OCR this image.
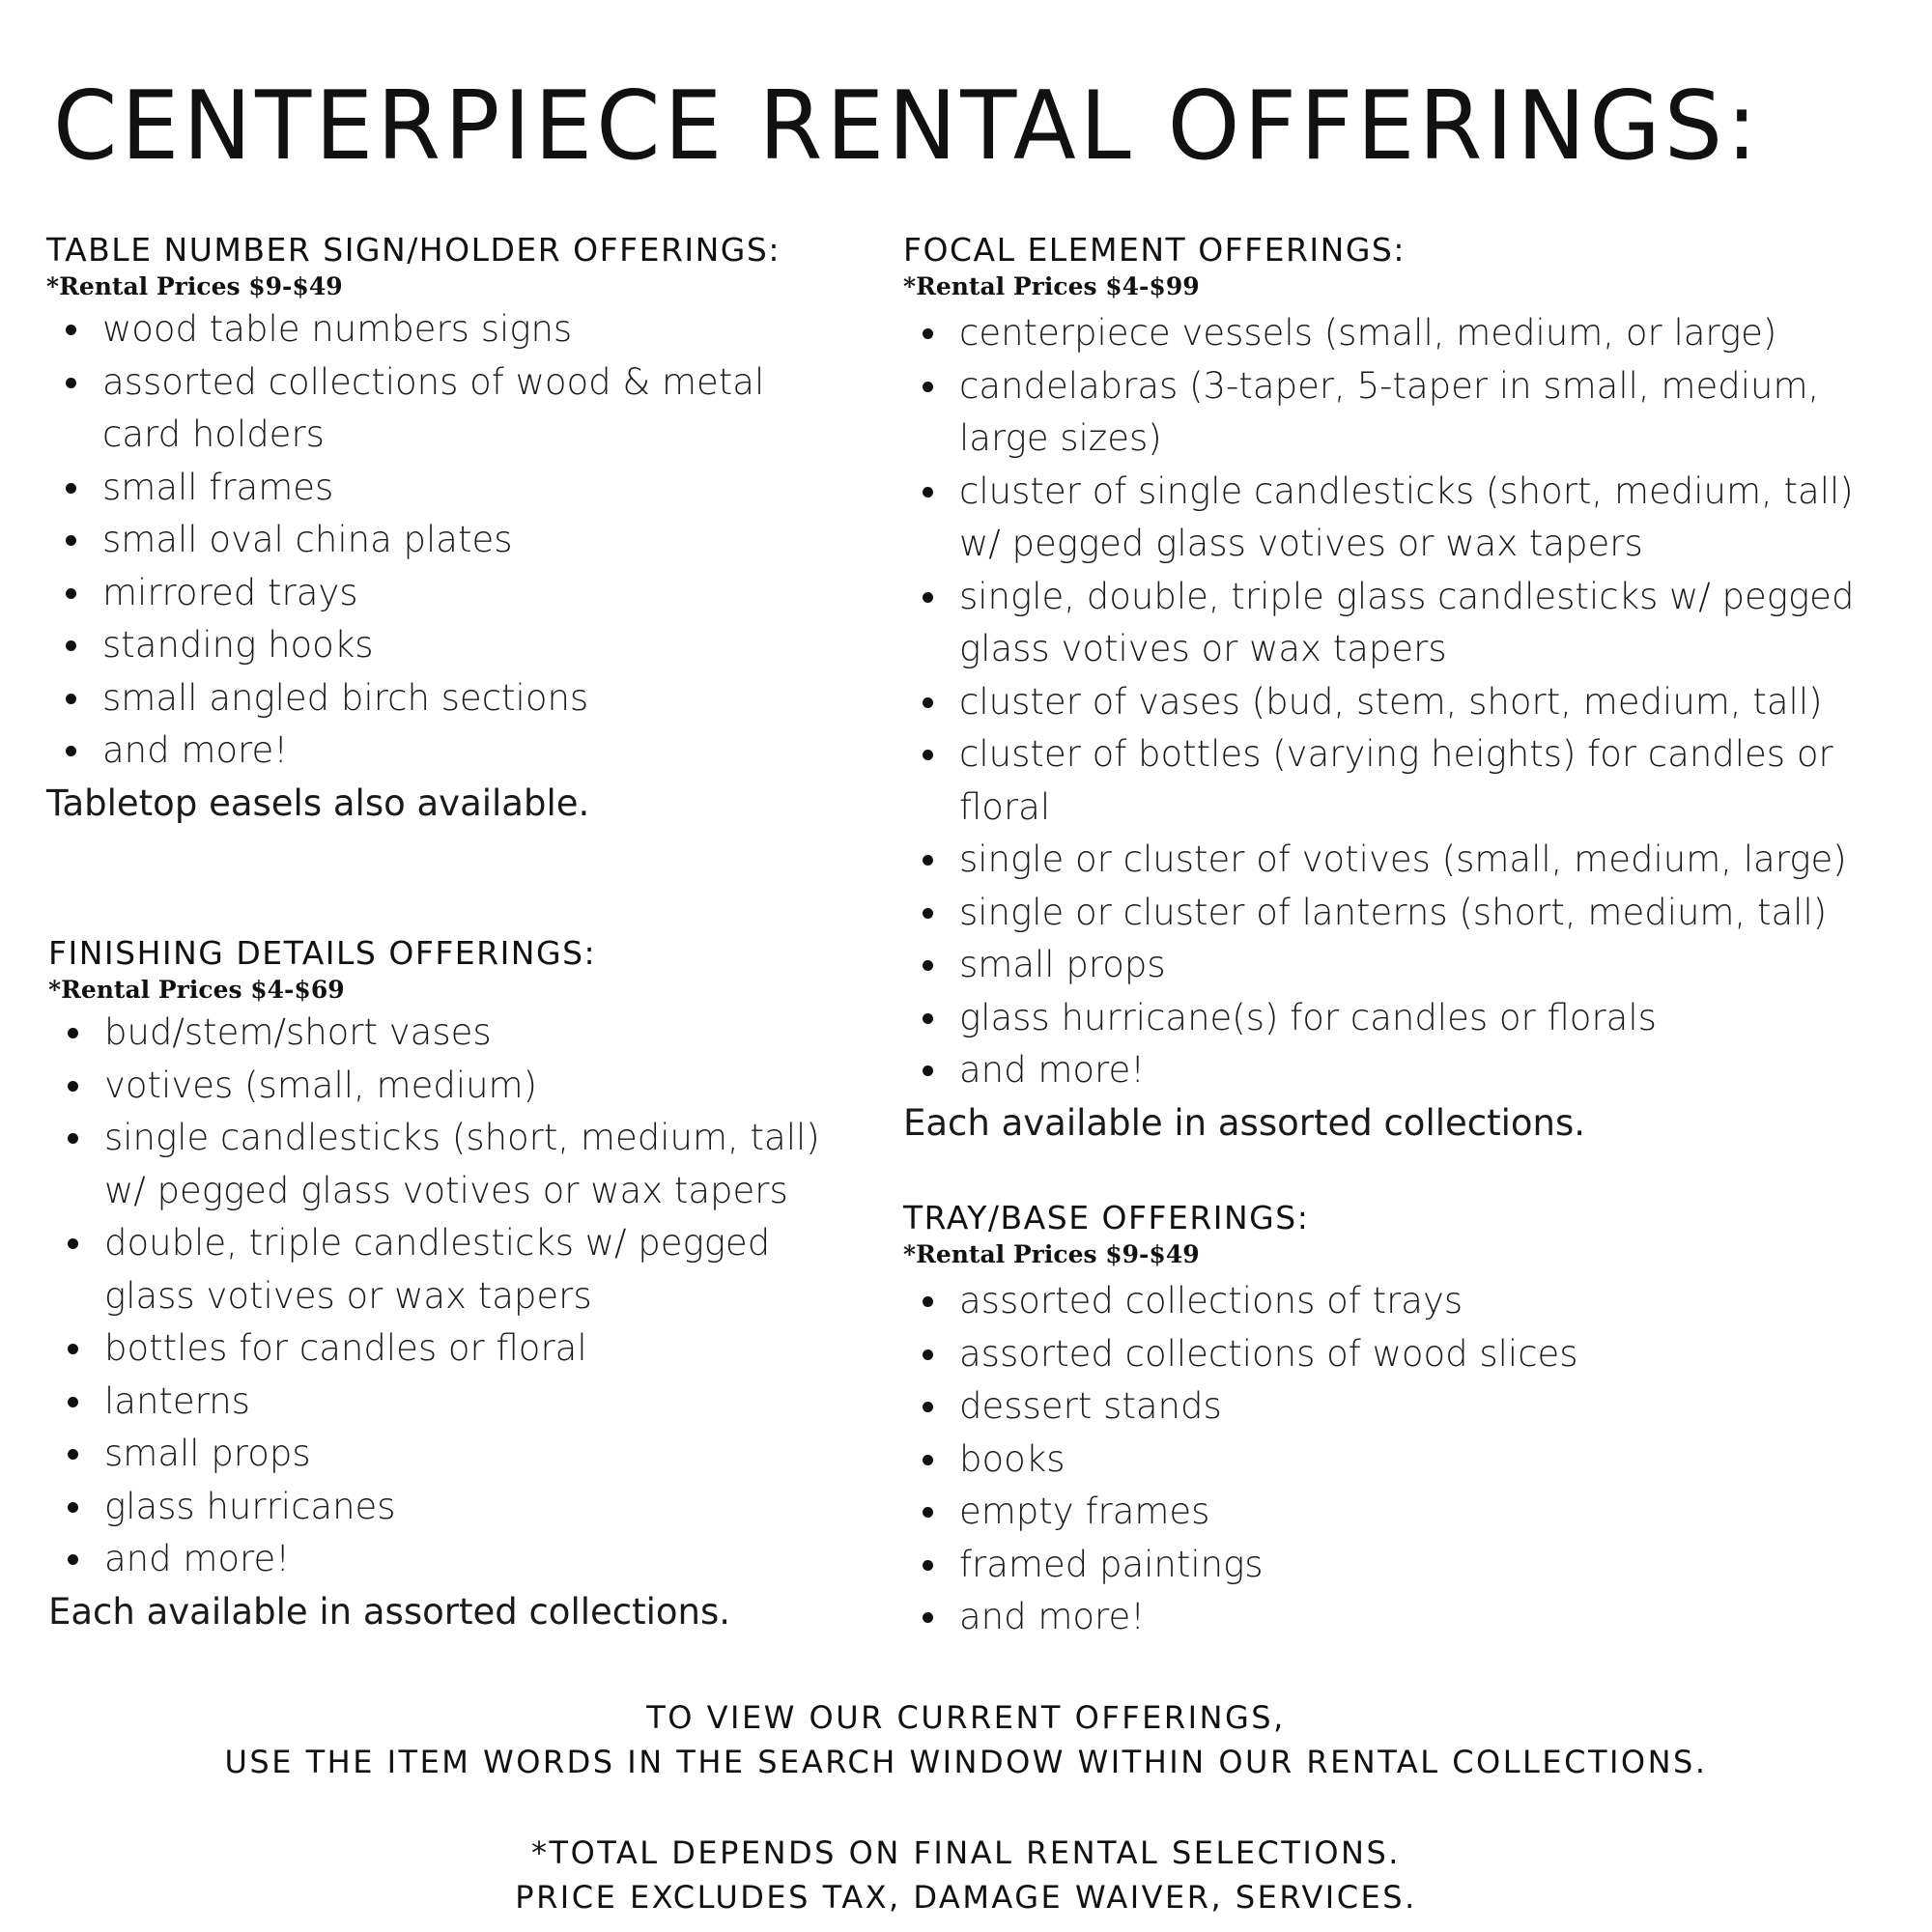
CENTERPIECE RENTAL OFFERINGS:
TABLE NUMBER SIGN/HOLDER OFFERINGS:

*Rental Prices $9-$49

wood table numbers signs
assorted collections of wood & metal card holders
small frames
small oval china plates
mirrored trays
standing hooks
small angled birch sections
and more!

Tabletop easels also available.

FINISHING DETAILS OFFERINGS:

*Rental Prices $4-$69

bud/stem/short vases
votives (small, medium)
single candlesticks (short, medium, tall) w/ pegged glass votives or wax tapers
double, triple candlesticks w/ pegged glass votives or wax tapers
bottles for candles or floral
lanterns
small props
glass hurricanes
and more!

Each available in assorted collections.

FOCAL ELEMENT OFFERINGS:

*Rental Prices $4-$99

centerpiece vessels (small, medium, or large)
candelabras (3-taper, 5-taper in small, medium, large sizes)
cluster of single candlesticks (short, medium, tall) w/ pegged glass votives or wax tapers
single, double, triple glass candlesticks w/ pegged glass votives or wax tapers
cluster of vases (bud, stem, short, medium, tall)
cluster of bottles (varying heights) for candles or floral
single or cluster of votives (small, medium, large)
single or cluster of lanterns (short, medium, tall)
small props
glass hurricane(s) for candles or florals
and more!

Each available in assorted collections.

TRAY/BASE OFFERINGS:

*Rental Prices $9-$49

assorted collections of trays
assorted collections of wood slices
dessert stands
books
empty frames
framed paintings
and more!
TO VIEW OUR CURRENT OFFERINGS,
USE THE ITEM WORDS IN THE SEARCH WINDOW WITHIN OUR RENTAL COLLECTIONS.
*TOTAL DEPENDS ON FINAL RENTAL SELECTIONS.
PRICE EXCLUDES TAX, DAMAGE WAIVER, SERVICES.
